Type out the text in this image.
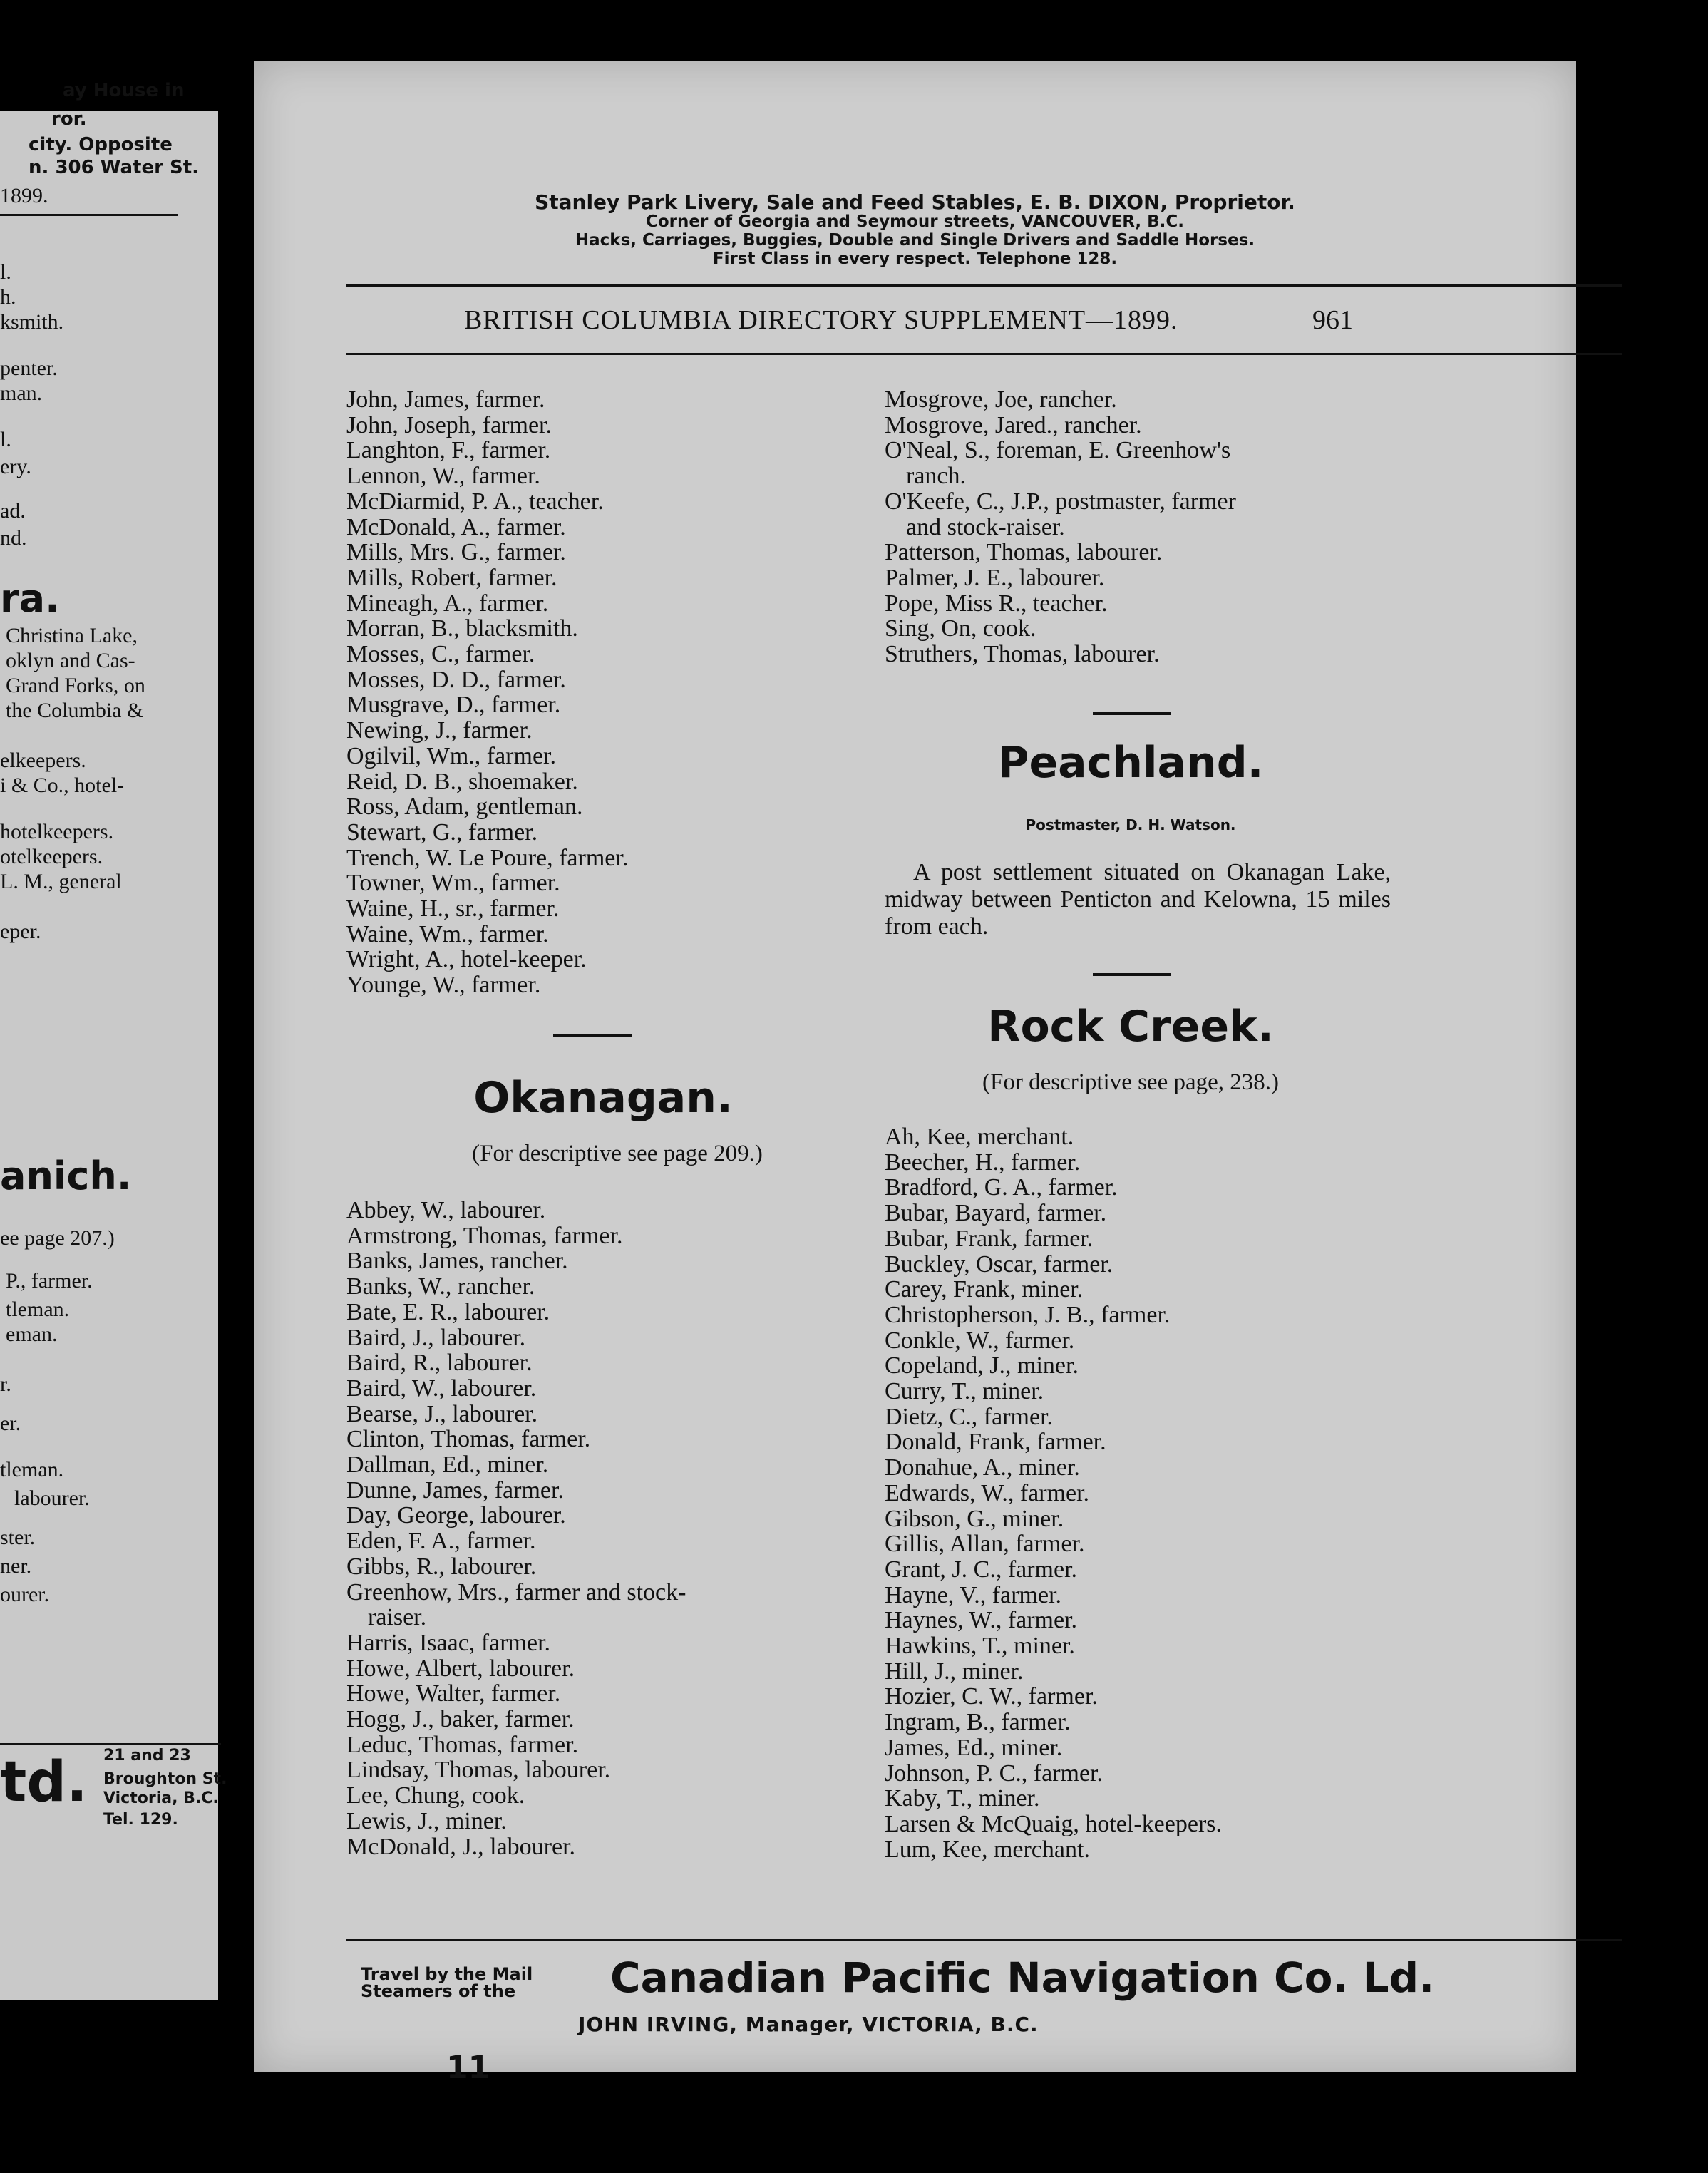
ay House in
ror.
city. Opposite
n. 306 Water St.
1899.
l.
h.
ksmith.
penter.
man.
l.
ery.
ad.
nd.
ra.
Christina Lake,
oklyn and Cas-
Grand Forks, on
the Columbia &
elkeepers.
i & Co., hotel-
hotelkeepers.
otelkeepers.
L. M., general
eper.
anich.
ee page 207.)
P., farmer.
tleman.
eman.
r.
er.
tleman.
labourer.
ster.
ner.
ourer.
td. 21 and 23
Broughton St.
Victoria, B.C.
Tel. 129.
Stanley Park Livery, Sale and Feed Stables, E. B. DIXON, Proprietor.
Corner of Georgia and Seymour streets, VANCOUVER, B.C.
Hacks, Carriages, Buggies, Double and Single Drivers and Saddle Horses.
First Class in every respect. Telephone 128.
BRITISH COLUMBIA DIRECTORY SUPPLEMENT—1899.	961
John, James, farmer.
John, Joseph, farmer.
Langhton, F., farmer.
Lennon, W., farmer.
McDiarmid, P. A., teacher.
McDonald, A., farmer.
Mills, Mrs. G., farmer.
Mills, Robert, farmer.
Mineagh, A., farmer.
Morran, B., blacksmith.
Mosses, C., farmer.
Mosses, D. D., farmer.
Musgrave, D., farmer.
Newing, J., farmer.
Ogilvil, Wm., farmer.
Reid, D. B., shoemaker.
Ross, Adam, gentleman.
Stewart, G., farmer.
Trench, W. Le Poure, farmer.
Towner, Wm., farmer.
Waine, H., sr., farmer.
Waine, Wm., farmer.
Wright, A., hotel-keeper.
Younge, W., farmer.
Okanagan.
(For descriptive see page 209.)
Abbey, W., labourer.
Armstrong, Thomas, farmer.
Banks, James, rancher.
Banks, W., rancher.
Bate, E. R., labourer.
Baird, J., labourer.
Baird, R., labourer.
Baird, W., labourer.
Bearse, J., labourer.
Clinton, Thomas, farmer.
Dallman, Ed., miner.
Dunne, James, farmer.
Day, George, labourer.
Eden, F. A., farmer.
Gibbs, R., labourer.
Greenhow, Mrs., farmer and stock-
raiser.
Harris, Isaac, farmer.
Howe, Albert, labourer.
Howe, Walter, farmer.
Hogg, J., baker, farmer.
Leduc, Thomas, farmer.
Lindsay, Thomas, labourer.
Lee, Chung, cook.
Lewis, J., miner.
McDonald, J., labourer.
Mosgrove, Joe, rancher.
Mosgrove, Jared., rancher.
O'Neal, S., foreman, E. Greenhow's
ranch.
O'Keefe, C., J.P., postmaster, farmer
and stock-raiser.
Patterson, Thomas, labourer.
Palmer, J. E., labourer.
Pope, Miss R., teacher.
Sing, On, cook.
Struthers, Thomas, labourer.
Peachland.
Postmaster, D. H. Watson.
A post settlement situated on Okanagan Lake, midway between Penticton and Kelowna, 15 miles from each.
Rock Creek.
(For descriptive see page, 238.)
Ah, Kee, merchant.
Beecher, H., farmer.
Bradford, G. A., farmer.
Bubar, Bayard, farmer.
Bubar, Frank, farmer.
Buckley, Oscar, farmer.
Carey, Frank, miner.
Christopherson, J. B., farmer.
Conkle, W., farmer.
Copeland, J., miner.
Curry, T., miner.
Dietz, C., farmer.
Donald, Frank, farmer.
Donahue, A., miner.
Edwards, W., farmer.
Gibson, G., miner.
Gillis, Allan, farmer.
Grant, J. C., farmer.
Hayne, V., farmer.
Haynes, W., farmer.
Hawkins, T., miner.
Hill, J., miner.
Hozier, C. W., farmer.
Ingram, B., farmer.
James, Ed., miner.
Johnson, P. C., farmer.
Kaby, T., miner.
Larsen & McQuaig, hotel-keepers.
Lum, Kee, merchant.
Travel by the Mail
Steamers of the	Canadian Pacific Navigation Co. Ld.
JOHN IRVING, Manager, VICTORIA, B.C.
11
